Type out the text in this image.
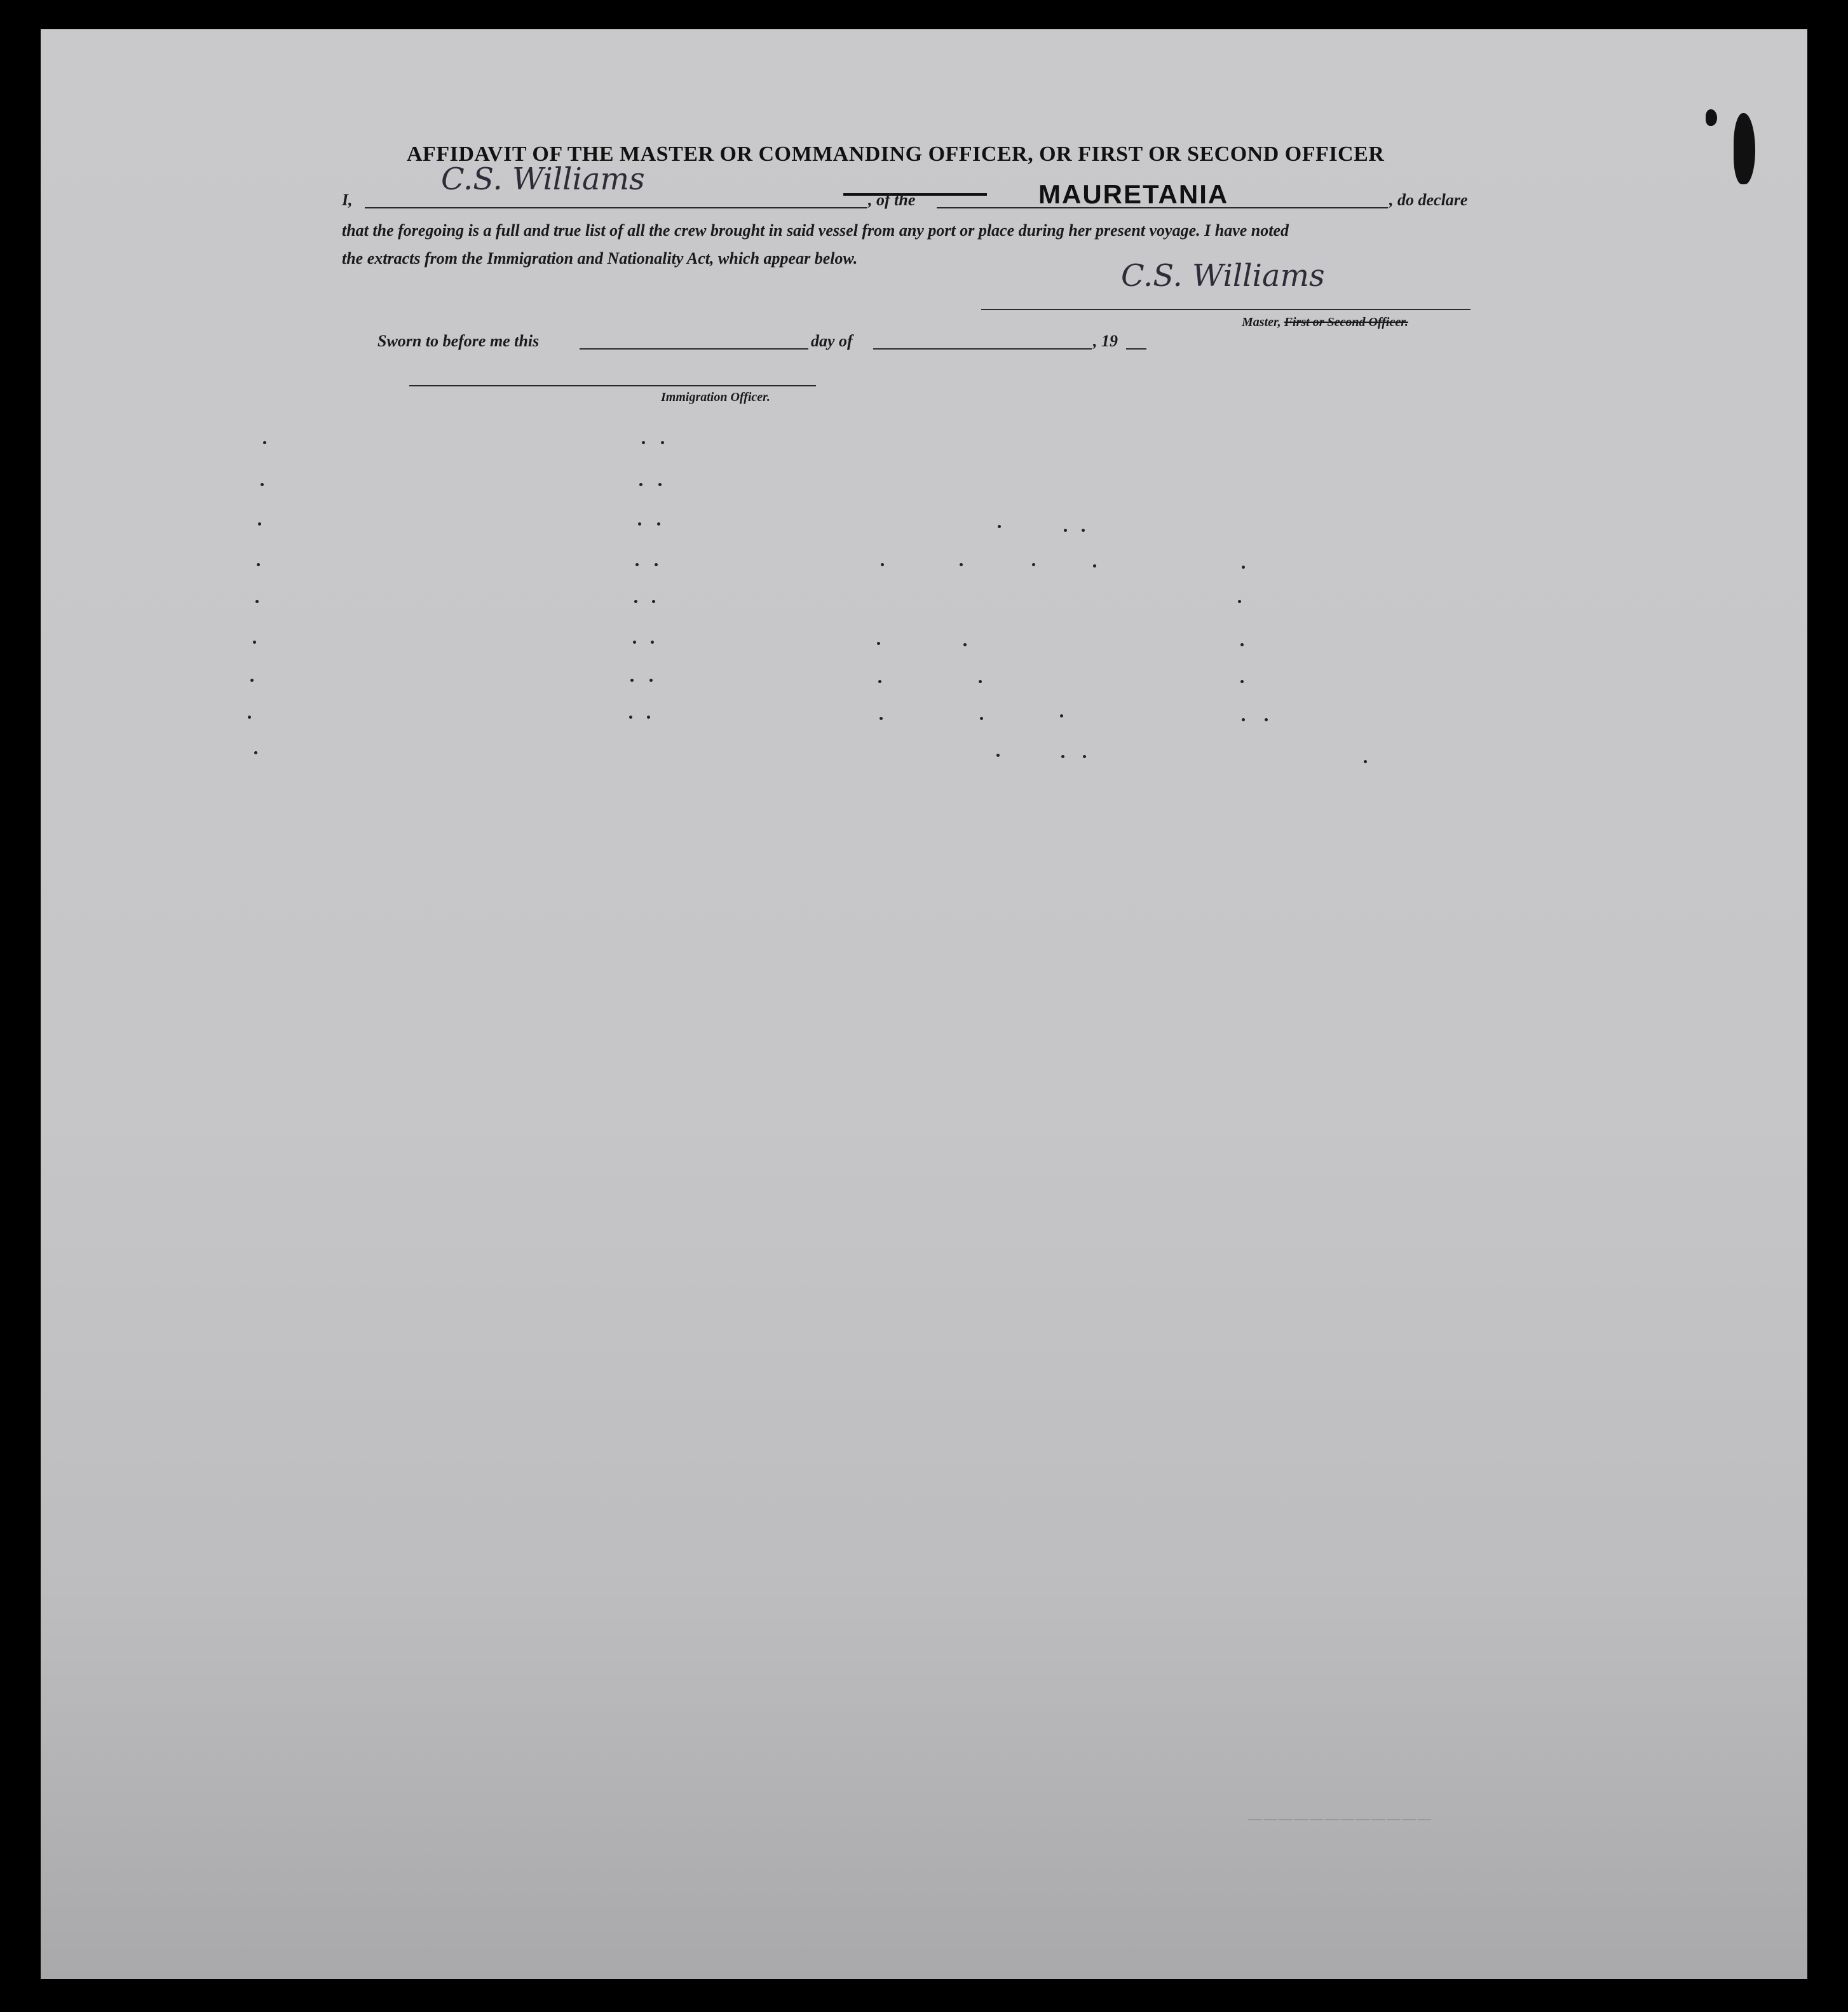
AFFIDAVIT OF THE MASTER OR COMMANDING OFFICER, OR FIRST OR SECOND OFFICER
I,
C.S. Williams
, of the	MAURETANIA	, do declare
that the foregoing is a full and true list of all the crew brought in said vessel from any port or place during her present voyage. I have noted
the extracts from the Immigration and Nationality Act, which appear below.	C.S. Williams
Master, First or Second Officer.
Sworn to before me this	day of	, 19
Immigration Officer.
────────────
